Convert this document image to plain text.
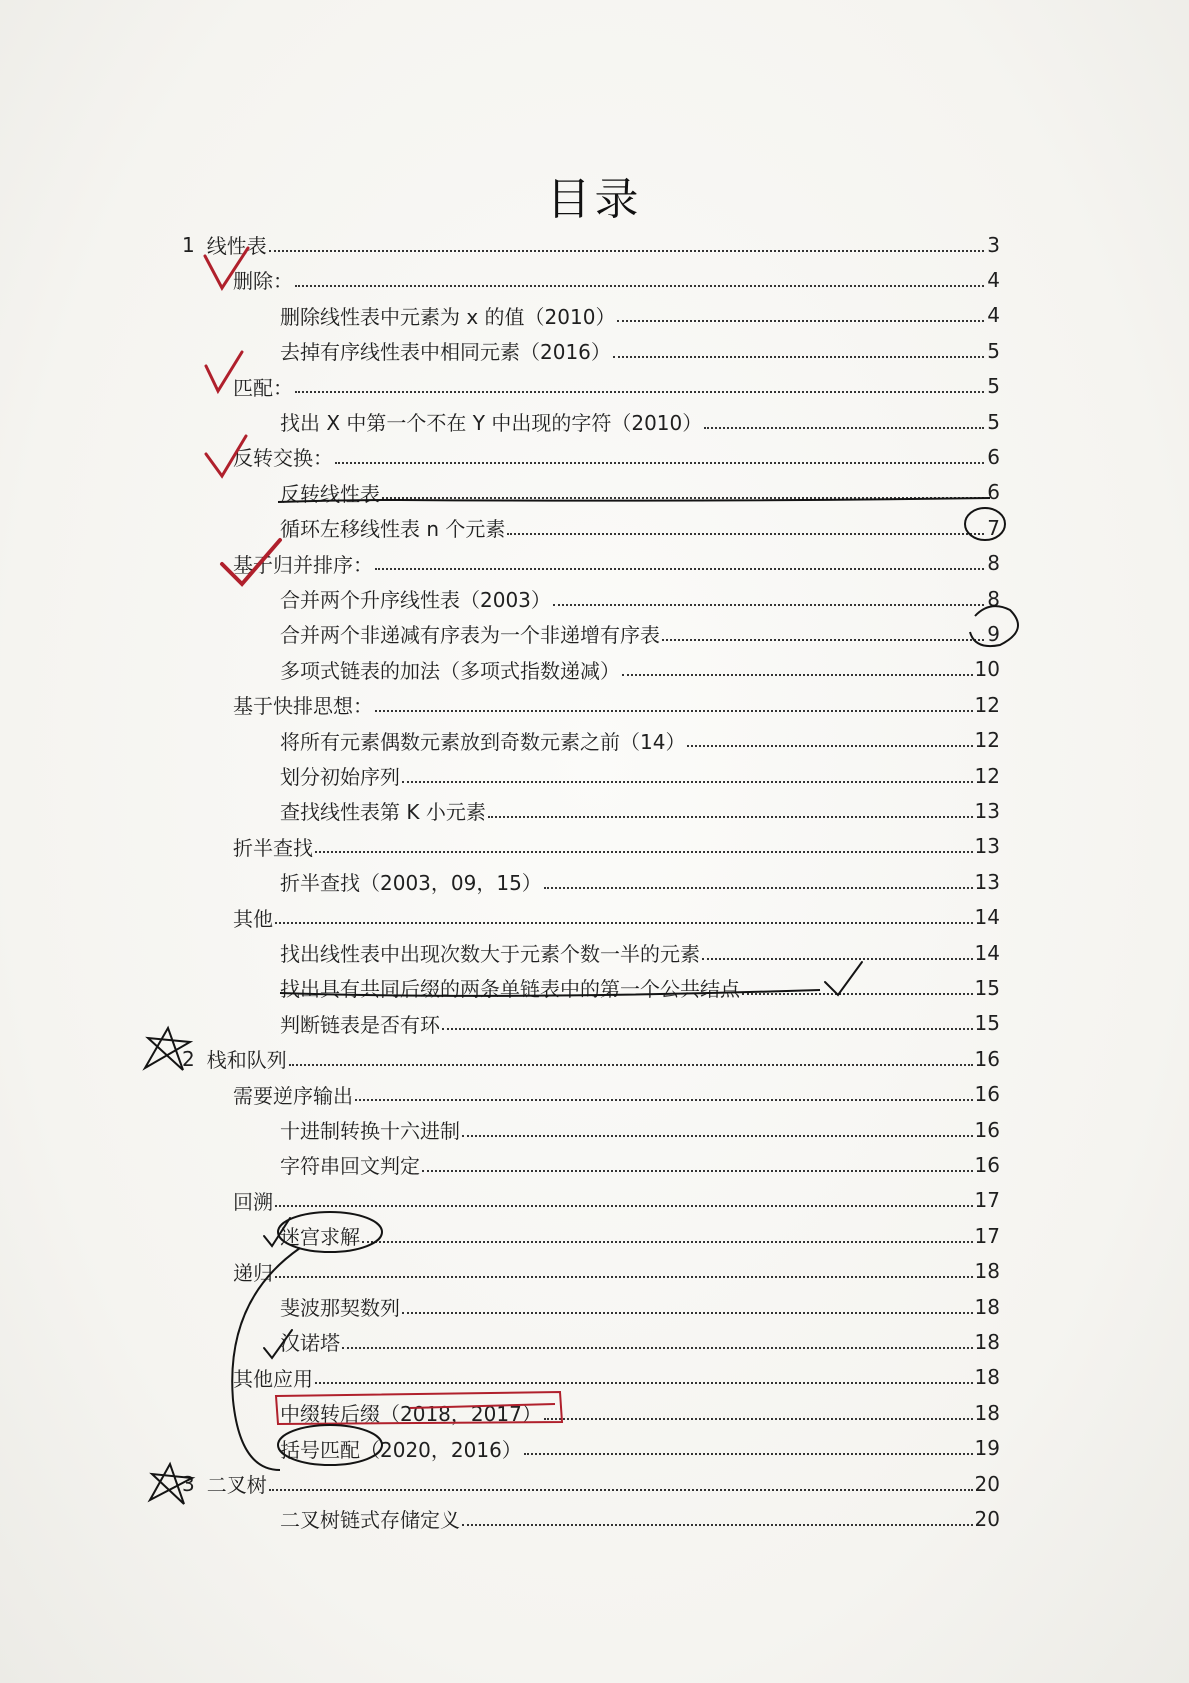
目录
1 线性表	3
删除：	4
删除线性表中元素为 x 的值（2010）	4
去掉有序线性表中相同元素（2016）	5
匹配：	5
找出 X 中第一个不在 Y 中出现的字符（2010）	5
反转交换：	6
反转线性表	6
循环左移线性表 n 个元素	7
基于归并排序：	8
合并两个升序线性表（2003）	8
合并两个非递减有序表为一个非递增有序表	9
多项式链表的加法（多项式指数递减）	10
基于快排思想：	12
将所有元素偶数元素放到奇数元素之前（14）	12
划分初始序列	12
查找线性表第 K 小元素	13
折半查找	13
折半查找（2003，09，15）	13
其他	14
找出线性表中出现次数大于元素个数一半的元素	14
找出具有共同后缀的两条单链表中的第一个公共结点	15
判断链表是否有环	15
2 栈和队列	16
需要逆序输出	16
十进制转换十六进制	16
字符串回文判定	16
回溯	17
迷宫求解	17
递归	18
斐波那契数列	18
汉诺塔	18
其他应用	18
中缀转后缀（2018，2017）	18
括号匹配（2020，2016）	19
3 二叉树	20
二叉树链式存储定义	20
